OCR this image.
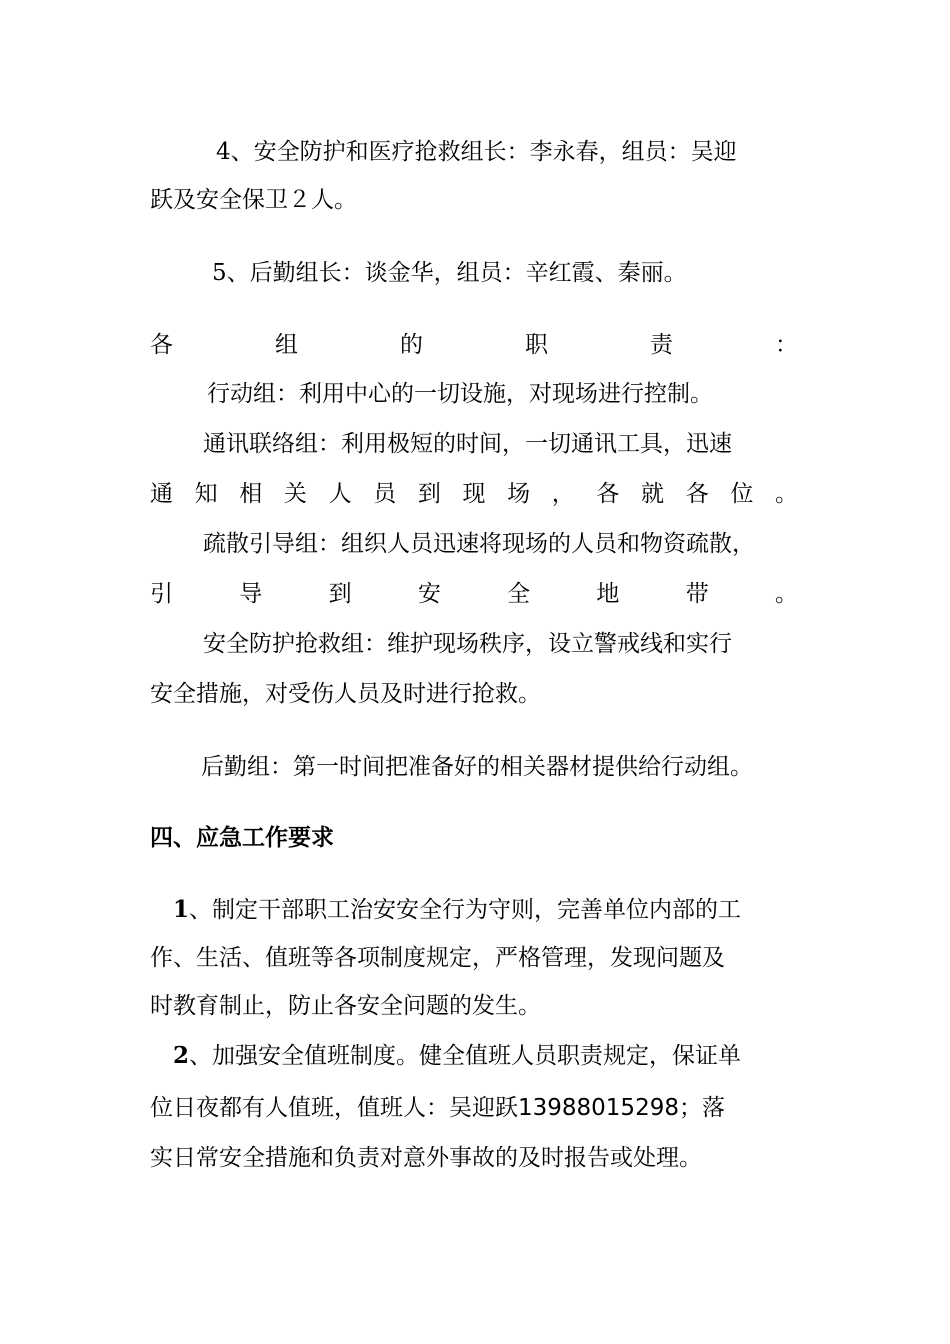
4、安全防护和医疗抢救组长：李永春，组员：吴迎
跃及安全保卫２人。
5、后勤组长：谈金华，组员：辛红霞、秦丽。
各	组	的	职	责	：
行动组：利用中心的一切设施，对现场进行控制。
通讯联络组：利用极短的时间，一切通讯工具，迅速
通 知 相 关 人 员 到 现 场 ， 各 就 各 位 。
疏散引导组：组织人员迅速将现场的人员和物资疏散，
引	导	到	安	全	地	带	。
安全防护抢救组：维护现场秩序，设立警戒线和实行
安全措施，对受伤人员及时进行抢救。
后勤组：第一时间把准备好的相关器材提供给行动组。
四、应急工作要求
1、制定干部职工治安安全行为守则，完善单位内部的工
作、生活、值班等各项制度规定，严格管理，发现问题及
时教育制止，防止各安全问题的发生。
2、加强安全值班制度。健全值班人员职责规定，保证单
位日夜都有人值班，值班人：吴迎跃13988015298；落
实日常安全措施和负责对意外事故的及时报告或处理。
